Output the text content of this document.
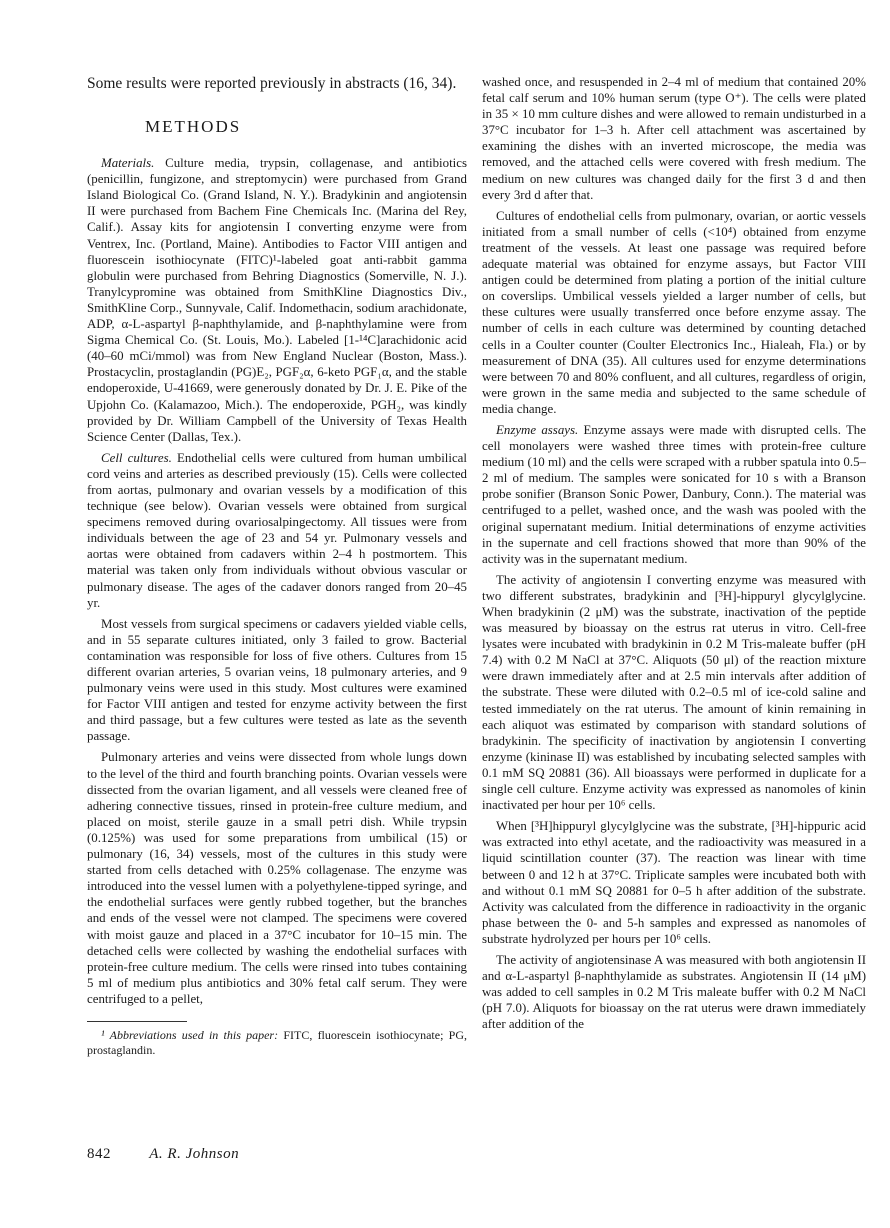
Some results were reported previously in abstracts (16, 34).

METHODS

Materials. Culture media, trypsin, collagenase, and antibiotics (penicillin, fungizone, and streptomycin) were purchased from Grand Island Biological Co. (Grand Island, N. Y.). Bradykinin and angiotensin II were purchased from Bachem Fine Chemicals Inc. (Marina del Rey, Calif.). Assay kits for angiotensin I converting enzyme were from Ventrex, Inc. (Portland, Maine). Antibodies to Factor VIII antigen and fluorescein isothiocynate (FITC)¹-labeled goat anti-rabbit gamma globulin were purchased from Behring Diagnostics (Somerville, N. J.). Tranylcypromine was obtained from SmithKline Diagnostics Div., SmithKline Corp., Sunnyvale, Calif. Indomethacin, sodium arachidonate, ADP, α-L-aspartyl β-naphthylamide, and β-naphthylamine were from Sigma Chemical Co. (St. Louis, Mo.). Labeled [1-¹⁴C]arachidonic acid (40–60 mCi/mmol) was from New England Nuclear (Boston, Mass.). Prostacyclin, prostaglandin (PG)E₂, PGF₂α, 6-keto PGF₁α, and the stable endoperoxide, U-41669, were generously donated by Dr. J. E. Pike of the Upjohn Co. (Kalamazoo, Mich.). The endoperoxide, PGH₂, was kindly provided by Dr. William Campbell of the University of Texas Health Science Center (Dallas, Tex.).

Cell cultures. Endothelial cells were cultured from human umbilical cord veins and arteries as described previously (15). Cells were collected from aortas, pulmonary and ovarian vessels by a modification of this technique (see below). Ovarian vessels were obtained from surgical specimens removed during ovariosalpingectomy. All tissues were from individuals between the age of 23 and 54 yr. Pulmonary vessels and aortas were obtained from cadavers within 2–4 h postmortem. This material was taken only from individuals without obvious vascular or pulmonary disease. The ages of the cadaver donors ranged from 20–45 yr.

Most vessels from surgical specimens or cadavers yielded viable cells, and in 55 separate cultures initiated, only 3 failed to grow. Bacterial contamination was responsible for loss of five others. Cultures from 15 different ovarian arteries, 5 ovarian veins, 18 pulmonary arteries, and 9 pulmonary veins were used in this study. Most cultures were examined for Factor VIII antigen and tested for enzyme activity between the first and third passage, but a few cultures were tested as late as the seventh passage.

Pulmonary arteries and veins were dissected from whole lungs down to the level of the third and fourth branching points. Ovarian vessels were dissected from the ovarian ligament, and all vessels were cleaned free of adhering connective tissues, rinsed in protein-free culture medium, and placed on moist, sterile gauze in a small petri dish. While trypsin (0.125%) was used for some preparations from umbilical (15) or pulmonary (16, 34) vessels, most of the cultures in this study were started from cells detached with 0.25% collagenase. The enzyme was introduced into the vessel lumen with a polyethylene-tipped syringe, and the endothelial surfaces were gently rubbed together, but the branches and ends of the vessel were not clamped. The specimens were covered with moist gauze and placed in a 37°C incubator for 10–15 min. The detached cells were collected by washing the endothelial surfaces with protein-free culture medium. The cells were rinsed into tubes containing 5 ml of medium plus antibiotics and 30% fetal calf serum. They were centrifuged to a pellet,

¹ Abbreviations used in this paper: FITC, fluorescein isothiocynate; PG, prostaglandin.

washed once, and resuspended in 2–4 ml of medium that contained 20% fetal calf serum and 10% human serum (type O⁺). The cells were plated in 35 × 10 mm culture dishes and were allowed to remain undisturbed in a 37°C incubator for 1–3 h. After cell attachment was ascertained by examining the dishes with an inverted microscope, the media was removed, and the attached cells were covered with fresh medium. The medium on new cultures was changed daily for the first 3 d and then every 3rd d after that.

Cultures of endothelial cells from pulmonary, ovarian, or aortic vessels initiated from a small number of cells (<10⁴) obtained from enzyme treatment of the vessels. At least one passage was required before adequate material was obtained for enzyme assays, but Factor VIII antigen could be determined from plating a portion of the initial culture on coverslips. Umbilical vessels yielded a larger number of cells, but these cultures were usually transferred once before enzyme assay. The number of cells in each culture was determined by counting detached cells in a Coulter counter (Coulter Electronics Inc., Hialeah, Fla.) or by measurement of DNA (35). All cultures used for enzyme determinations were between 70 and 80% confluent, and all cultures, regardless of origin, were grown in the same media and subjected to the same schedule of media change.

Enzyme assays. Enzyme assays were made with disrupted cells. The cell monolayers were washed three times with protein-free culture medium (10 ml) and the cells were scraped with a rubber spatula into 0.5–2 ml of medium. The samples were sonicated for 10 s with a Branson probe sonifier (Branson Sonic Power, Danbury, Conn.). The material was centrifuged to a pellet, washed once, and the wash was pooled with the original supernatant medium. Initial determinations of enzyme activities in the supernate and cell fractions showed that more than 90% of the activity was in the supernatant medium.

The activity of angiotensin I converting enzyme was measured with two different substrates, bradykinin and [³H]-hippuryl glycylglycine. When bradykinin (2 μM) was the substrate, inactivation of the peptide was measured by bioassay on the estrus rat uterus in vitro. Cell-free lysates were incubated with bradykinin in 0.2 M Tris-maleate buffer (pH 7.4) with 0.2 M NaCl at 37°C. Aliquots (50 μl) of the reaction mixture were drawn immediately after and at 2.5 min intervals after addition of the substrate. These were diluted with 0.2–0.5 ml of ice-cold saline and tested immediately on the rat uterus. The amount of kinin remaining in each aliquot was estimated by comparison with standard solutions of bradykinin. The specificity of inactivation by angiotensin I converting enzyme (kininase II) was established by incubating selected samples with 0.1 mM SQ 20881 (36). All bioassays were performed in duplicate for a single cell culture. Enzyme activity was expressed as nanomoles of kinin inactivated per hour per 10⁶ cells.

When [³H]hippuryl glycylglycine was the substrate, [³H]-hippuric acid was extracted into ethyl acetate, and the radioactivity was measured in a liquid scintillation counter (37). The reaction was linear with time between 0 and 12 h at 37°C. Triplicate samples were incubated both with and without 0.1 mM SQ 20881 for 0–5 h after addition of the substrate. Activity was calculated from the difference in radioactivity in the organic phase between the 0- and 5-h samples and expressed as nanomoles of substrate hydrolyzed per hours per 10⁶ cells.

The activity of angiotensinase A was measured with both angiotensin II and α-L-aspartyl β-naphthylamide as substrates. Angiotensin II (14 μM) was added to cell samples in 0.2 M Tris maleate buffer with 0.2 M NaCl (pH 7.0). Aliquots for bioassay on the rat uterus were drawn immediately after addition of the

842	A. R. Johnson
